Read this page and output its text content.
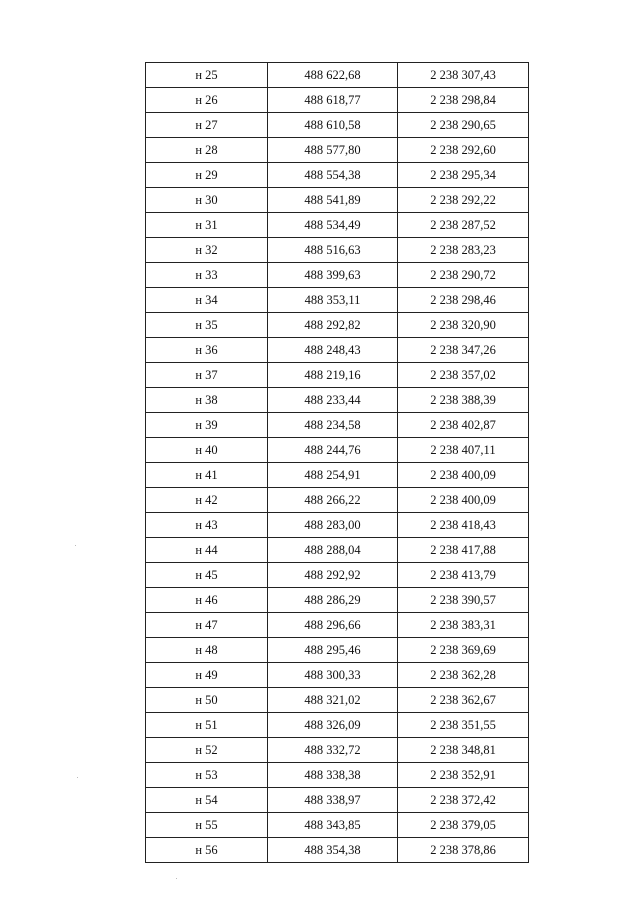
н 25	488 622,68	2 238 307,43
н 26	488 618,77	2 238 298,84
н 27	488 610,58	2 238 290,65
н 28	488 577,80	2 238 292,60
н 29	488 554,38	2 238 295,34
н 30	488 541,89	2 238 292,22
н 31	488 534,49	2 238 287,52
н 32	488 516,63	2 238 283,23
н 33	488 399,63	2 238 290,72
н 34	488 353,11	2 238 298,46
н 35	488 292,82	2 238 320,90
н 36	488 248,43	2 238 347,26
н 37	488 219,16	2 238 357,02
н 38	488 233,44	2 238 388,39
н 39	488 234,58	2 238 402,87
н 40	488 244,76	2 238 407,11
н 41	488 254,91	2 238 400,09
н 42	488 266,22	2 238 400,09
н 43	488 283,00	2 238 418,43
н 44	488 288,04	2 238 417,88
н 45	488 292,92	2 238 413,79
н 46	488 286,29	2 238 390,57
н 47	488 296,66	2 238 383,31
н 48	488 295,46	2 238 369,69
н 49	488 300,33	2 238 362,28
н 50	488 321,02	2 238 362,67
н 51	488 326,09	2 238 351,55
н 52	488 332,72	2 238 348,81
н 53	488 338,38	2 238 352,91
н 54	488 338,97	2 238 372,42
н 55	488 343,85	2 238 379,05
н 56	488 354,38	2 238 378,86
